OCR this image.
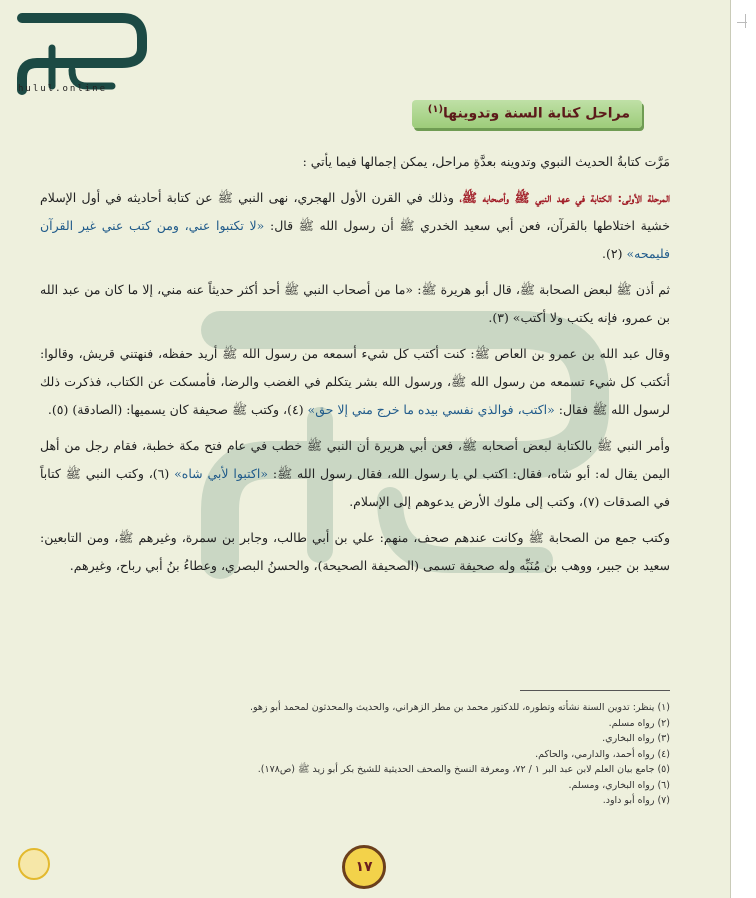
hulul.online
مراحل كتابة السنة وتدوينها$^{(١)}$

مَرَّت كتابةُ الحديث النبوي وتدوينه بعدَّةِ مراحل، يمكن إجمالها فيما يأتي :

المرحلة الأولى: الكتابة في عهد النبي ﷺ وأصحابه ﷺ، وذلك في القرن الأول الهجري، نهى النبي ﷺ عن كتابة أحاديثه في أول الإسلام خشية اختلاطها بالقرآن، فعن أبي سعيد الخدري ﷺ أن رسول الله ﷺ قال: «لا تكتبوا عني، ومن كتب عني غير القرآن فليمحه» (٢).

ثم أذن ﷺ لبعض الصحابة ﷺ، قال أبو هريرة ﷺ: «ما من أصحاب النبي ﷺ أحد أكثر حديثاً عنه مني، إلا ما كان من عبد الله بن عمرو، فإنه يكتب ولا أكتب» (٣).

وقال عبد الله بن عمرو بن العاص ﷺ: كنت أكتب كل شيء أسمعه من رسول الله ﷺ أريد حفظه، فنهتني قريش، وقالوا: أتكتب كل شيء تسمعه من رسول الله ﷺ، ورسول الله بشر يتكلم في الغضب والرضا، فأمسكت عن الكتاب، فذكرت ذلك لرسول الله ﷺ فقال: «اكتب، فوالذي نفسي بيده ما خرج مني إلا حق» (٤)، وكتب ﷺ صحيفة كان يسميها: (الصادقة) (٥).

وأمر النبي ﷺ بالكتابة لبعض أصحابه ﷺ، فعن أبي هريرة أن النبي ﷺ خطب في عام فتح مكة خطبة، فقام رجل من أهل اليمن يقال له: أبو شاه، فقال: اكتب لي يا رسول الله، فقال رسول الله ﷺ: «اكتبوا لأبي شاه» (٦)، وكتب النبي ﷺ كتاباً في الصدقات (٧)، وكتب إلى ملوك الأرض يدعوهم إلى الإسلام.

وكتب جمع من الصحابة ﷺ وكانت عندهم صحف، منهم: علي بن أبي طالب، وجابر بن سمرة، وغيرهم ﷺ، ومن التابعين: سعيد بن جبير، ووهب بن مُنَبِّه وله صحيفة تسمى (الصحيفة الصحيحة)، والحسنُ البصري، وعطاءُ بنُ أبي رباح، وغيرهم.

(١) ينظر: تدوين السنة نشأته وتطوره، للدكتور محمد بن مطر الزهراني، والحديث والمحدثون لمحمد أبو زهو.
(٢) رواه مسلم.
(٣) رواه البخاري.
(٤) رواه أحمد، والدارمي، والحاكم.
(٥) جامع بيان العلم لابن عبد البر ١ / ٧٢، ومعرفة النسخ والصحف الحديثية للشيخ بكر أبو زيد ﷺ (ص١٧٨).
(٦) رواه البخاري، ومسلم.
(٧) رواه أبو داود.
١٧
